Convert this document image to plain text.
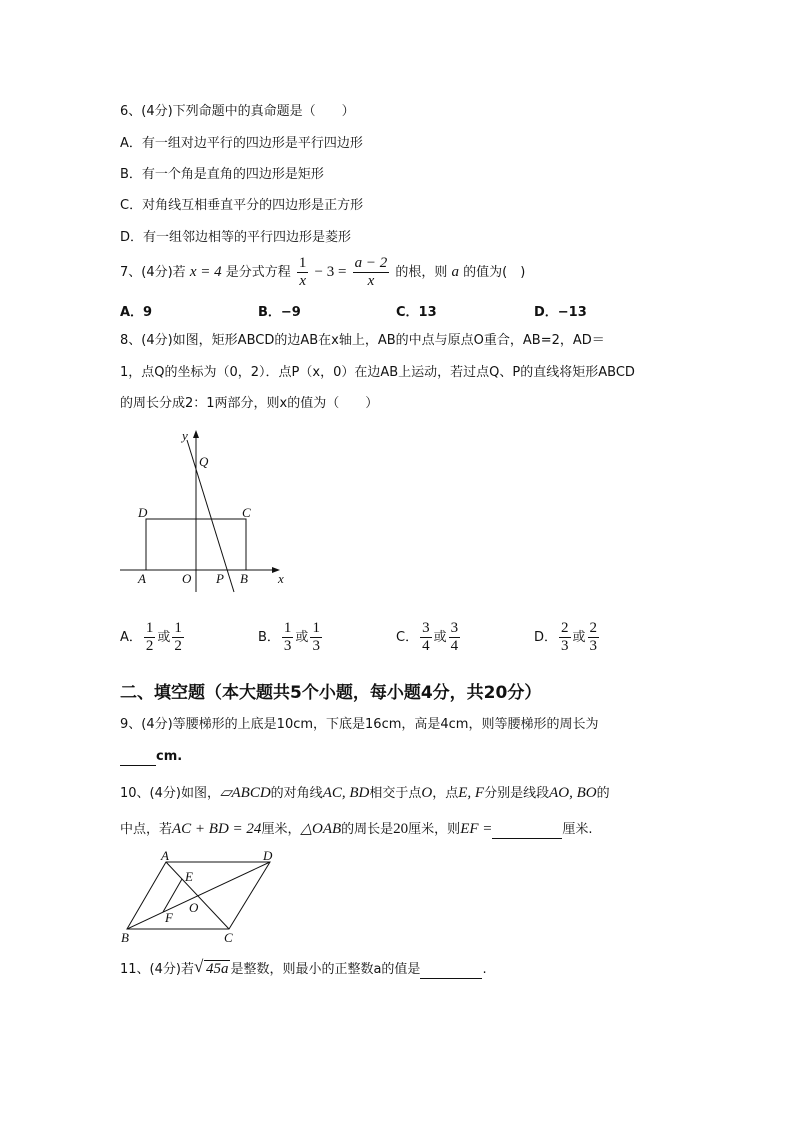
6、(4分)下列命题中的真命题是（　　）
A．有一组对边平行的四边形是平行四边形
B．有一个角是直角的四边形是矩形
C．对角线互相垂直平分的四边形是正方形
D．有一组邻边相等的平行四边形是菱形
7、(4分)若 x = 4 是分式方程 $\frac{1}{x} - 3 = \frac{a - 2}{x}$ 的根，则 a 的值为(　)
A．9	B．−9	C．13	D．−13
8、(4分)如图，矩形ABCD的边AB在x轴上，AB的中点与原点O重合，AB=2，AD＝
1，点Q的坐标为（0，2）．点P（x，0）在边AB上运动，若过点Q、P的直线将矩形ABCD
的周长分成2：1两部分，则x的值为（　　）
y
Q
D	C
A	O P B x
A． $\frac{1}{2}$ 或 $\frac{1}{2}$	B． $\frac{1}{3}$ 或 $\frac{1}{3}$	C． $\frac{3}{4}$ 或 $\frac{3}{4}$	D． $\frac{2}{3}$ 或 $\frac{2}{3}$
二、填空题（本大题共5个小题，每小题4分，共20分）
9、(4分)等腰梯形的上底是10cm，下底是16cm，高是4cm，则等腰梯形的周长为
cm.
10、(4分)如图，▱ABCD的对角线AC, BD相交于点O，点E, F分别是线段AO, BO的
中点，若AC + BD = 24厘米，△OAB的周长是20厘米，则EF =	厘米.
A	D
E
O
F
B	C
11、(4分)若 √ 45a 是整数，则最小的正整数a的值是	.
